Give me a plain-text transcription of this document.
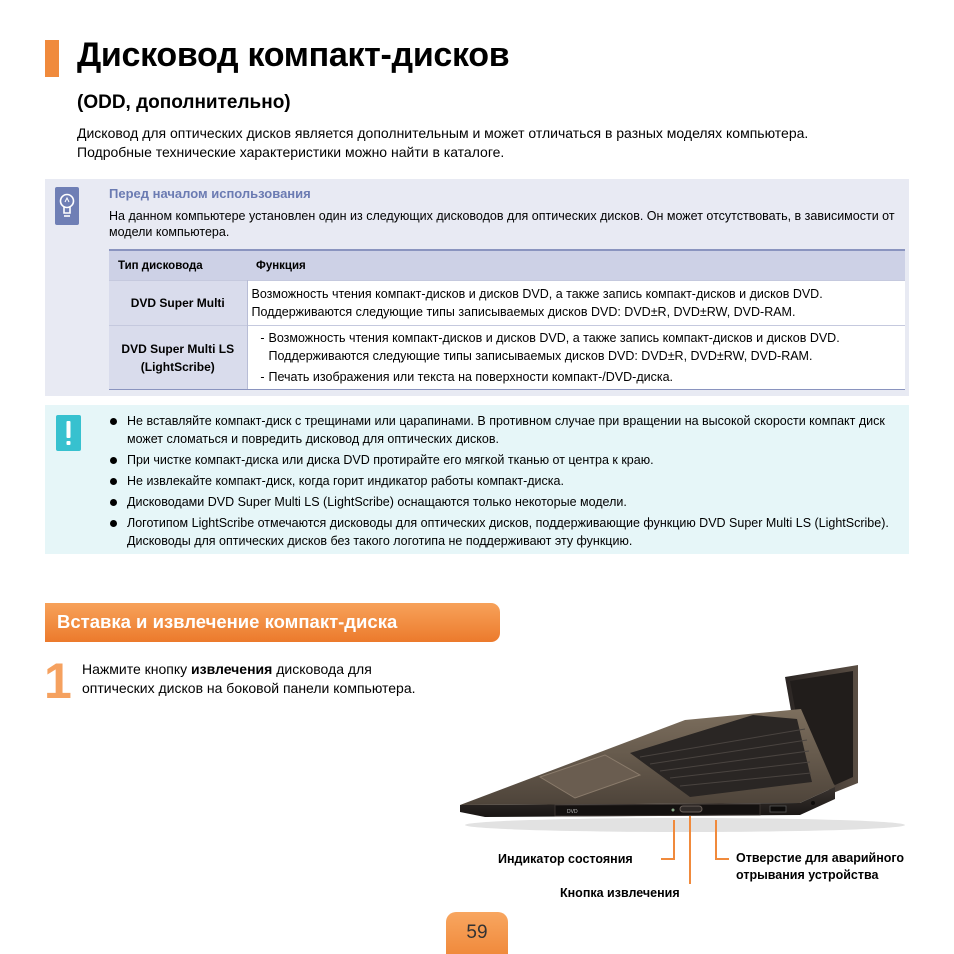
Дисковод компакт-дисков
(ODD, дополнительно)
Дисковод для оптических дисков является дополнительным и может отличаться в разных моделях компьютера. Подробные технические характеристики можно найти в каталоге.
Перед началом использования
На данном компьютере установлен один из следующих дисководов для оптических дисков. Он может отсутствовать, в зависимости от модели компьютера.
Тип дисковода	Функция
DVD Super Multi	Возможность чтения компакт-дисков и дисков DVD, а также запись компакт-дисков и дисков DVD. Поддерживаются следующие типы записываемых дисков DVD: DVD±R, DVD±RW, DVD-RAM.
DVD Super Multi LS (LightScribe)	- Возможность чтения компакт-дисков и дисков DVD, а также запись компакт-дисков и дисков DVD. Поддерживаются следующие типы записываемых дисков DVD: DVD±R, DVD±RW, DVD-RAM.
- Печать изображения или текста на поверхности компакт-/DVD-диска.
Не вставляйте компакт-диск с трещинами или царапинами. В противном случае при вращении на высокой скорости компакт диск может сломаться и повредить дисковод для оптических дисков.
При чистке компакт-диска или диска DVD протирайте его мягкой тканью от центра к краю.
Не извлекайте компакт-диск, когда горит индикатор работы компакт-диска.
Дисководами DVD Super Multi LS (LightScribe) оснащаются только некоторые модели.
Логотипом LightScribe отмечаются дисководы для оптических дисков, поддерживающие функцию DVD Super Multi LS (LightScribe). Дисководы для оптических дисков без такого логотипа не поддерживают эту функцию.
Вставка и извлечение компакт-диска
1 Нажмите кнопку извлечения дисковода для оптических дисков на боковой панели компьютера.
DVD
Индикатор состояния
Кнопка извлечения
Отверстие для аварийного отрывания устройства
59
